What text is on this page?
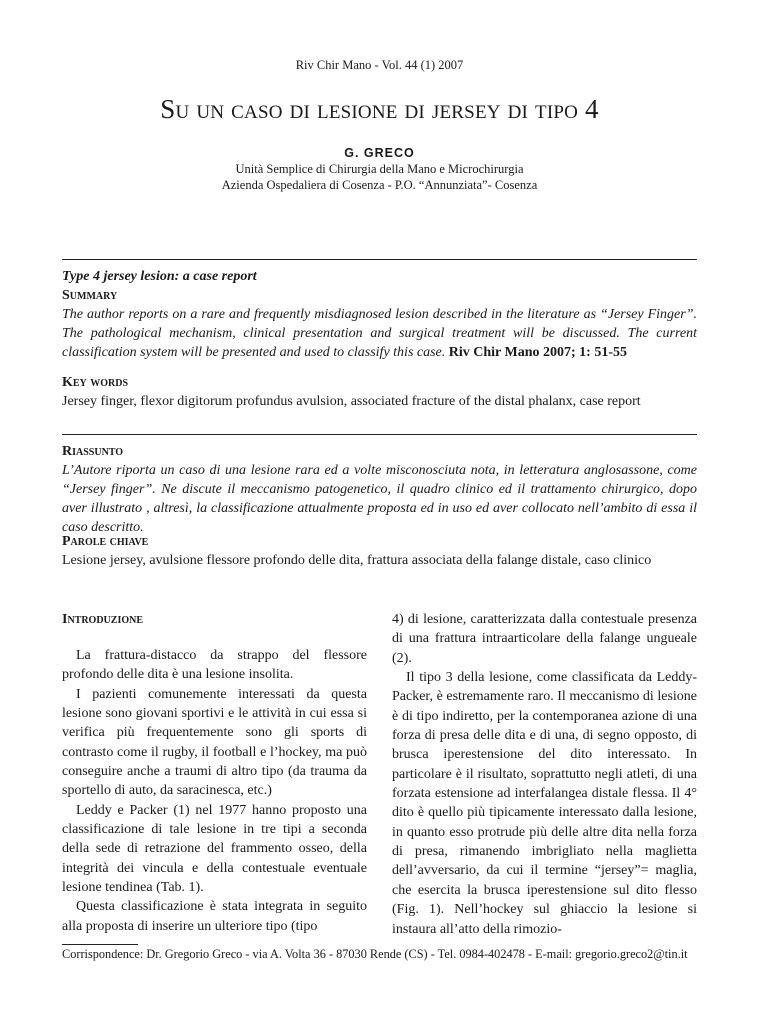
Riv Chir Mano - Vol. 44 (1) 2007
Su un caso di lesione di jersey di tipo 4
G. GRECO
Unità Semplice di Chirurgia della Mano e Microchirurgia
Azienda Ospedaliera di Cosenza - P.O. “Annunziata”- Cosenza
Type 4 jersey lesion: a case report
Summary
The author reports on a rare and frequently misdiagnosed lesion described in the literature as “Jersey Finger”. The pathological mechanism, clinical presentation and surgical treatment will be discussed. The current classification system will be presented and used to classify this case. Riv Chir Mano 2007; 1: 51-55
Key words
Jersey finger, flexor digitorum profundus avulsion, associated fracture of the distal phalanx, case report
Riassunto
L’Autore riporta un caso di una lesione rara ed a volte misconosciuta nota, in letteratura anglosassone, come “Jersey finger”. Ne discute il meccanismo patogenetico, il quadro clinico ed il trattamento chirurgico, dopo aver illustrato , altresì, la classificazione attualmente proposta ed in uso ed aver collocato nell’ambito di essa il caso descritto.
Parole chiave
Lesione jersey, avulsione flessore profondo delle dita, frattura associata della falange distale, caso clinico
Introduzione

La frattura-distacco da strappo del flessore profondo delle dita è una lesione insolita.

I pazienti comunemente interessati da questa lesione sono giovani sportivi e le attività in cui essa si verifica più frequentemente sono gli sports di contrasto come il rugby, il football e l’hockey, ma può conseguire anche a traumi di altro tipo (da trauma da sportello di auto, da saracinesca, etc.)

Leddy e Packer (1) nel 1977 hanno proposto una classificazione di tale lesione in tre tipi a seconda della sede di retrazione del frammento osseo, della integrità dei vincula e della contestuale eventuale lesione tendinea (Tab. 1).

Questa classificazione è stata integrata in seguito alla proposta di inserire un ulteriore tipo (tipo

4) di lesione, caratterizzata dalla contestuale presenza di una frattura intraarticolare della falange ungueale (2).

Il tipo 3 della lesione, come classificata da Leddy-Packer, è estremamente raro. Il meccanismo di lesione è di tipo indiretto, per la contemporanea azione di una forza di presa delle dita e di una, di segno opposto, di brusca iperestensione del dito interessato. In particolare è il risultato, soprattutto negli atleti, di una forzata estensione ad interfalangea distale flessa. Il 4° dito è quello più tipicamente interessato dalla lesione, in quanto esso protrude più delle altre dita nella forza di presa, rimanendo imbrigliato nella maglietta dell’avversario, da cui il termine “jersey”= maglia, che esercita la brusca iperestensione sul dito flesso (Fig. 1). Nell’hockey sul ghiaccio la lesione si instaura all’atto della rimozio-

Corrispondence: Dr. Gregorio Greco - via A. Volta 36 - 87030 Rende (CS) - Tel. 0984-402478 - E-mail: gregorio.greco2@tin.it
